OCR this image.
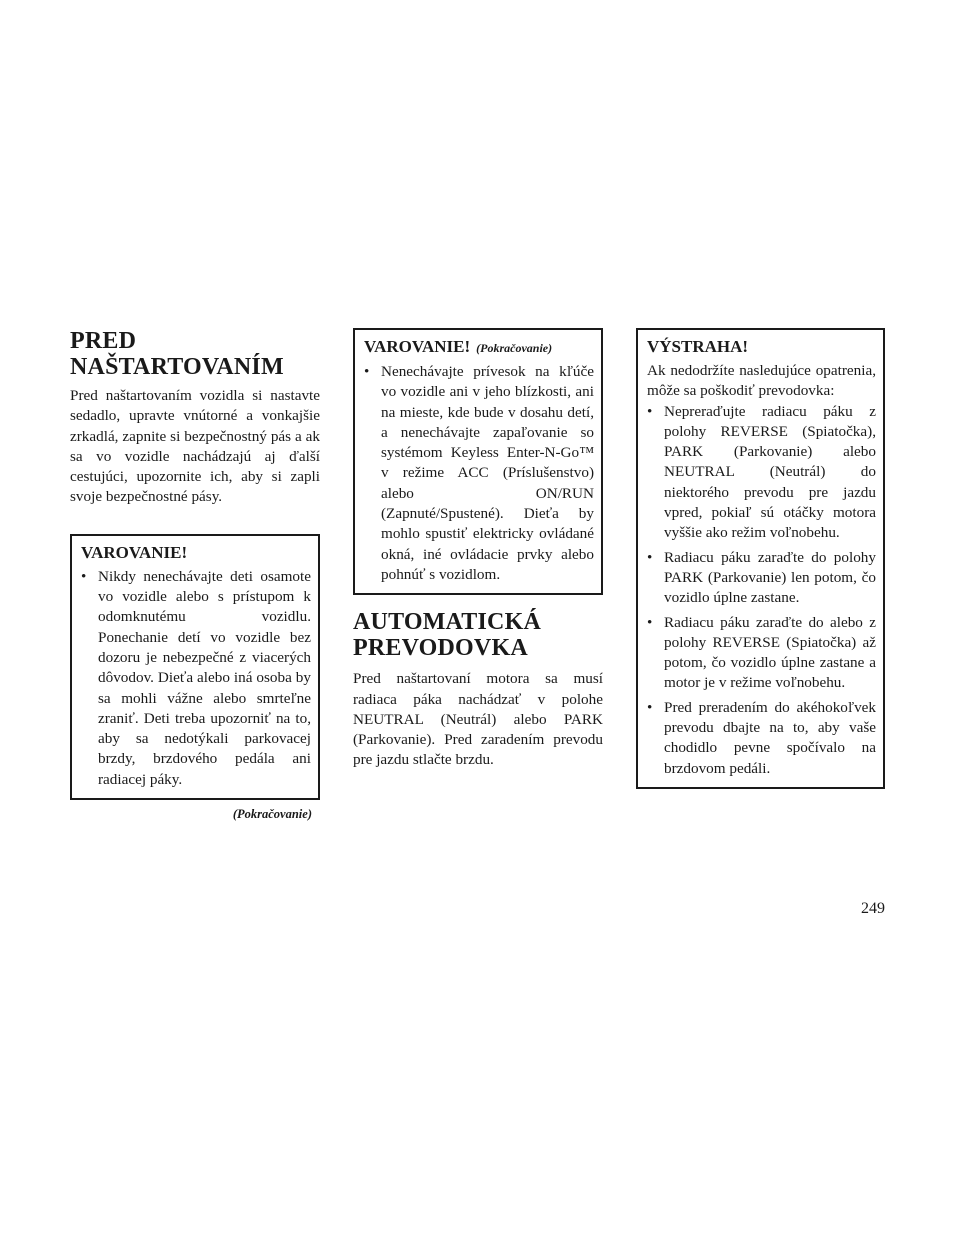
PRED
NAŠTARTOVANÍM

Pred naštartovaním vozidla si nastavte sedadlo, upravte vnútorné a vonkajšie zrkadlá, zapnite si bezpečnostný pás a ak sa vo vozidle nachádzajú aj ďalší cestujúci, upozornite ich, aby si zapli svoje bezpečnostné pásy.

VAROVANIE!
• Nikdy nenechávajte deti osamote vo vozidle alebo s prístupom k odomknutému vozidlu. Ponechanie detí vo vozidle bez dozoru je nebezpečné z viacerých dôvodov. Dieťa alebo iná osoba by sa mohli vážne alebo smrteľne zraniť. Deti treba upozorniť na to, aby sa nedotýkali parkovacej brzdy, brzdového pedála ani radiacej páky.
(Pokračovanie)
VAROVANIE! (Pokračovanie)
• Nenechávajte prívesok na kľúče vo vozidle ani v jeho blízkosti, ani na mieste, kde bude v dosahu detí, a nenechávajte zapaľovanie so systémom Keyless Enter-N-Go™ v režime ACC (Príslušenstvo) alebo ON/RUN (Zapnuté/Spustené). Dieťa by mohlo spustiť elektricky ovládané okná, iné ovládacie prvky alebo pohnúť s vozidlom.
AUTOMATICKÁ
PREVODOVKA

Pred naštartovaní motora sa musí radiaca páka nachádzať v polohe NEUTRAL (Neutrál) alebo PARK (Parkovanie). Pred zaradením prevodu pre jazdu stlačte brzdu.

VÝSTRAHA!

Ak nedodržíte nasledujúce opatrenia, môže sa poškodiť prevodovka:

• Nepreraďujte radiacu páku z polohy REVERSE (Spiatočka), PARK (Parkovanie) alebo NEUTRAL (Neutrál) do niektorého prevodu pre jazdu vpred, pokiaľ sú otáčky motora vyššie ako režim voľnobehu.
• Radiacu páku zaraďte do polohy PARK (Parkovanie) len potom, čo vozidlo úplne zastane.
• Radiacu páku zaraďte do alebo z polohy REVERSE (Spiatočka) až potom, čo vozidlo úplne zastane a motor je v režime voľnobehu.
• Pred preradením do akéhokoľvek prevodu dbajte na to, aby vaše chodidlo pevne spočívalo na brzdovom pedáli.
249
